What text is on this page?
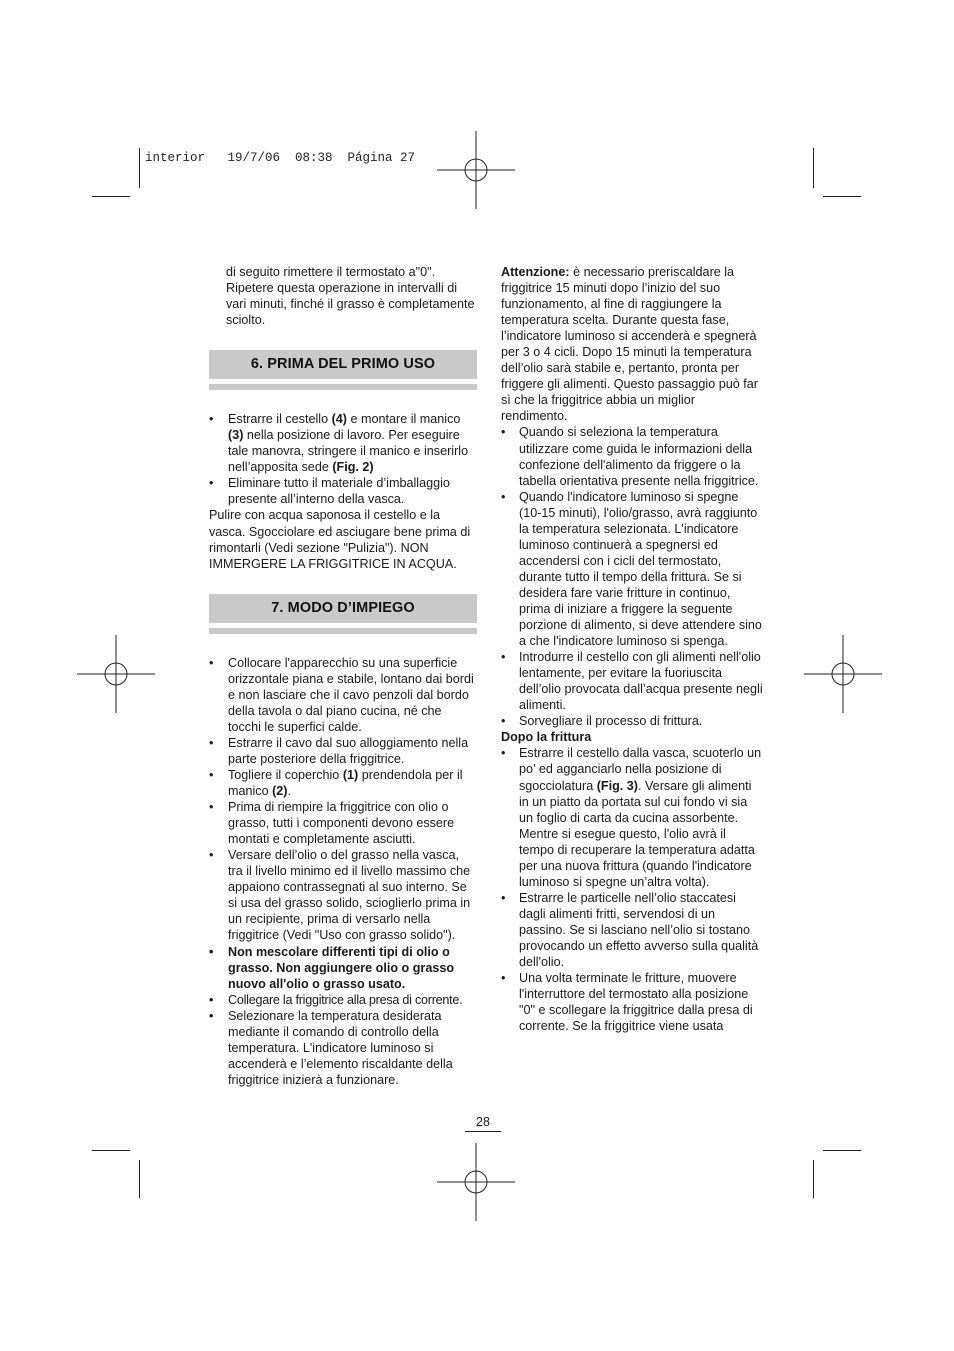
interior   19/7/06  08:38  Página 27

di seguito rimettere il termostato a"0". Ripetere questa operazione in intervalli di vari minuti, finché il grasso è completamente sciolto.

6. PRIMA DEL PRIMO USO
• Estrarre il cestello (4) e montare il manico (3) nella posizione di lavoro. Per eseguire tale manovra, stringere il manico e inserirlo nell’apposita sede (Fig. 2)
• Eliminare tutto il materiale d’imballaggio presente all’interno della vasca.

Pulire con acqua saponosa il cestello e la vasca. Sgocciolare ed asciugare bene prima di rimontarli (Vedi sezione "Pulizia"). NON IMMERGERE LA FRIGGITRICE IN ACQUA.

7. MODO D’IMPIEGO
• Collocare l'apparecchio su una superficie orizzontale piana e stabile, lontano dai bordi e non lasciare che il cavo penzoli dal bordo della tavola o dal piano cucina, né che tocchi le superfici calde.
• Estrarre il cavo dal suo alloggiamento nella parte posteriore della friggitrice.
• Togliere il coperchio (1) prendendola per il manico (2).
• Prima di riempire la friggitrice con olio o grasso, tutti i componenti devono essere montati e completamente asciutti.
• Versare dell’olio o del grasso nella vasca, tra il livello minimo ed il livello massimo che appaiono contrassegnati al suo interno. Se si usa del grasso solido, scioglierlo prima in un recipiente, prima di versarlo nella friggitrice (Vedi "Uso con grasso solido").
• Non mescolare differenti tipi di olio o grasso. Non aggiungere olio o grasso nuovo all'olio o grasso usato.
• Collegare la friggitrice alla presa di corrente.
• Selezionare la temperatura desiderata mediante il comando di controllo della temperatura. L'indicatore luminoso si accenderà e l’elemento riscaldante della friggitrice inizierà a funzionare.

Attenzione: è necessario preriscaldare la friggitrice 15 minuti dopo l’inizio del suo funzionamento, al fine di raggiungere la temperatura scelta. Durante questa fase, l’indicatore luminoso si accenderà e spegnerà per 3 o 4 cicli. Dopo 15 minuti la temperatura dell’olio sarà stabile e, pertanto, pronta per friggere gli alimenti. Questo passaggio può far sì che la friggitrice abbia un miglior rendimento.

• Quando si seleziona la temperatura utilizzare come guida le informazioni della confezione dell'alimento da friggere o la tabella orientativa presente nella friggitrice.
• Quando l'indicatore luminoso si spegne (10-15 minuti), l'olio/grasso, avrà raggiunto la temperatura selezionata. L'indicatore luminoso continuerà a spegnersi ed accendersi con i cicli del termostato, durante tutto il tempo della frittura. Se si desidera fare varie fritture in continuo, prima di iniziare a friggere la seguente porzione di alimento, si deve attendere sino a che l'indicatore luminoso si spenga.
• Introdurre il cestello con gli alimenti nell'olio lentamente, per evitare la fuoriuscita dell’olio provocata dall’acqua presente negli alimenti.
• Sorvegliare il processo di frittura.

Dopo la frittura

• Estrarre il cestello dalla vasca, scuoterlo un po’ ed agganciarlo nella posizione di sgocciolatura (Fig. 3). Versare gli alimenti in un piatto da portata sul cui fondo vi sia un foglio di carta da cucina assorbente. Mentre si esegue questo, l'olio avrà il tempo di recuperare la temperatura adatta per una nuova frittura (quando l'indicatore luminoso si spegne un’altra volta).
• Estrarre le particelle nell’olio staccatesi dagli alimenti fritti, servendosi di un passino. Se si lasciano nell’olio si tostano provocando un effetto avverso sulla qualità dell'olio.
• Una volta terminate le fritture, muovere l'interruttore del termostato alla posizione "0" e scollegare la friggitrice dalla presa di corrente. Se la friggitrice viene usata
28
